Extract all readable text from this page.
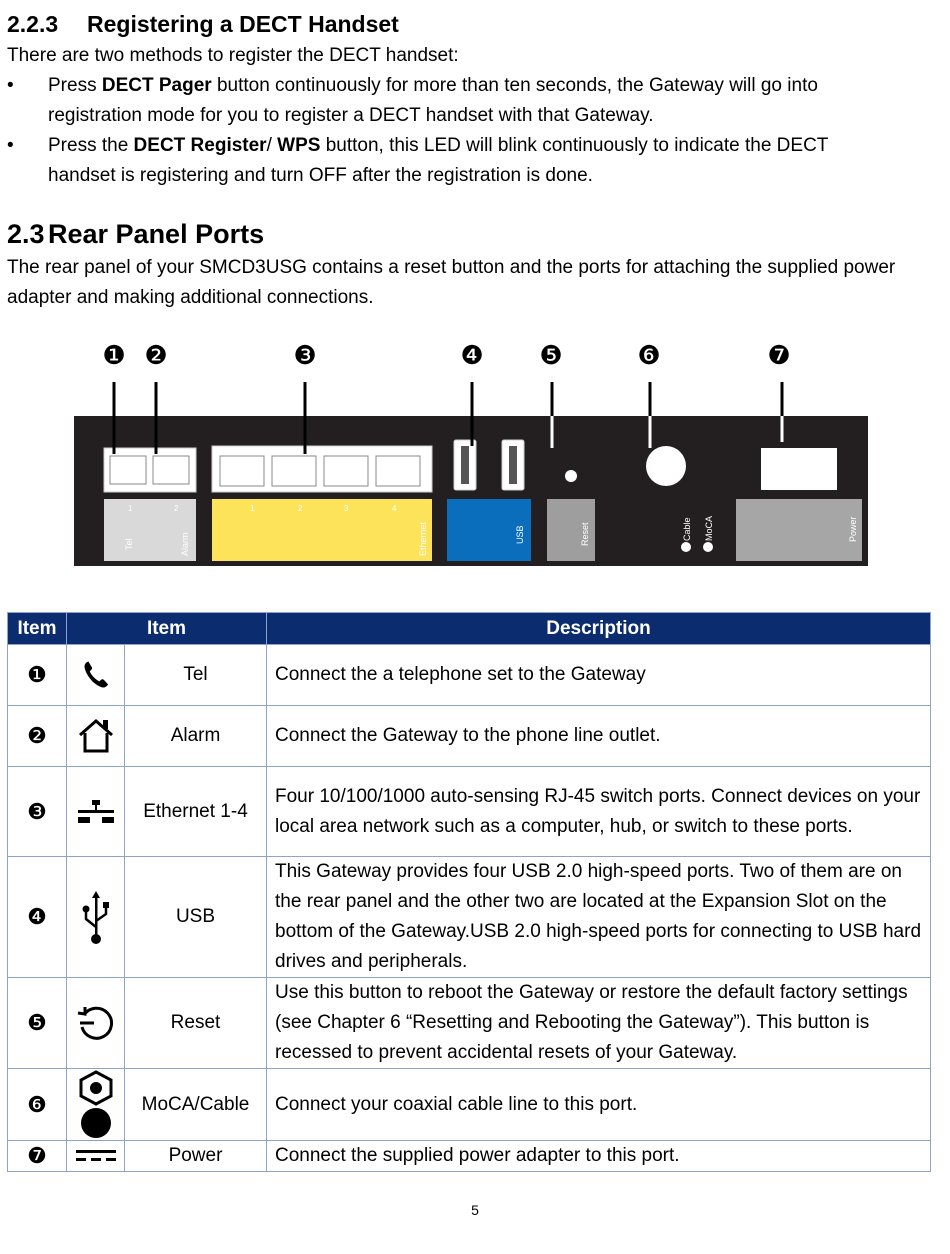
2.2.3 Registering a DECT Handset
There are two methods to register the DECT handset:
• Press DECT Pager button continuously for more than ten seconds, the Gateway will go into
registration mode for you to register a DECT handset with that Gateway.
• Press the DECT Register/ WPS button, this LED will blink continuously to indicate the DECT
handset is registering and turn OFF after the registration is done.
2.3 Rear Panel Ports
The rear panel of your SMCD3USG contains a reset button and the ports for attaching the supplied power
adapter and making additional connections.
❶ ❷	❸	❹ ❺	❻	❼
1	2
Tel	Alarm
1	2	3	4
Ethernet	USB	Reset	Cable MoCA	Power
Item	Item		Description
❶		Tel	Connect the a telephone set to the Gateway
❷		Alarm	Connect the Gateway to the phone line outlet.
❸		Ethernet 1-4	Four 10/100/1000 auto-sensing RJ-45 switch ports. Connect devices on your local area network such as a computer, hub, or switch to these ports.
❹		USB	This Gateway provides four USB 2.0 high-speed ports. Two of them are on the rear panel and the other two are located at the Expansion Slot on the bottom of the Gateway.USB 2.0 high-speed ports for connecting to USB hard drives and peripherals.
❺		Reset	Use this button to reboot the Gateway or restore the default factory settings (see Chapter 6 “Resetting and Rebooting the Gateway”). This button is recessed to prevent accidental resets of your Gateway.
❻		MoCA/Cable	Connect your coaxial cable line to this port.
❼		Power	Connect the supplied power adapter to this port.
5
